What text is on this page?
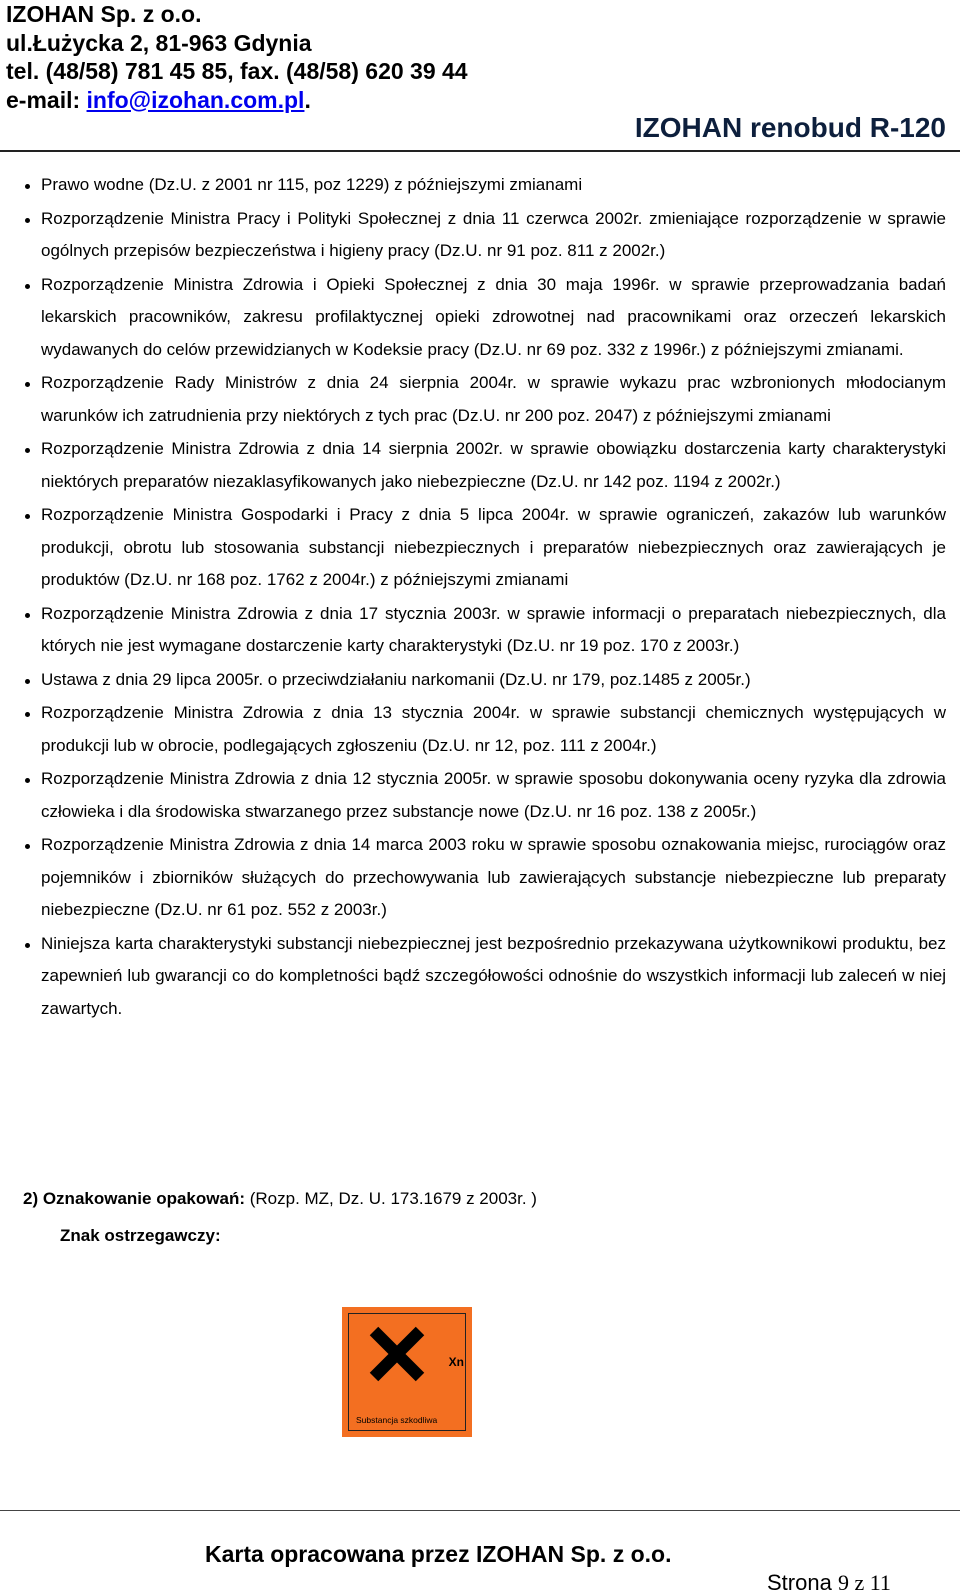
IZOHAN Sp. z o.o.
ul.Łużycka 2, 81-963 Gdynia
tel. (48/58) 781 45 85, fax. (48/58) 620 39 44
e-mail: info@izohan.com.pl.
IZOHAN renobud R-120
Prawo wodne (Dz.U. z 2001 nr 115, poz 1229) z późniejszymi zmianami
Rozporządzenie Ministra Pracy i Polityki Społecznej z dnia 11 czerwca 2002r. zmieniające rozporządzenie w sprawie ogólnych przepisów bezpieczeństwa i higieny pracy (Dz.U. nr 91 poz. 811 z 2002r.)
Rozporządzenie Ministra Zdrowia i Opieki Społecznej z dnia 30 maja 1996r. w sprawie przeprowadzania badań lekarskich pracowników, zakresu profilaktycznej opieki zdrowotnej nad pracownikami oraz orzeczeń lekarskich wydawanych do celów przewidzianych w Kodeksie pracy (Dz.U. nr 69 poz. 332 z 1996r.) z późniejszymi zmianami.
Rozporządzenie Rady Ministrów z dnia 24 sierpnia 2004r. w sprawie wykazu prac wzbronionych młodocianym warunków ich zatrudnienia przy niektórych z tych prac (Dz.U. nr 200 poz. 2047) z późniejszymi zmianami
Rozporządzenie Ministra Zdrowia z dnia 14 sierpnia 2002r. w sprawie obowiązku dostarczenia karty charakterystyki niektórych preparatów niezaklasyfikowanych jako niebezpieczne (Dz.U. nr 142 poz. 1194 z 2002r.)
Rozporządzenie Ministra Gospodarki i Pracy z dnia 5 lipca 2004r. w sprawie ograniczeń, zakazów lub warunków produkcji, obrotu lub stosowania substancji niebezpiecznych i preparatów niebezpiecznych oraz zawierających je produktów (Dz.U. nr 168 poz. 1762 z 2004r.) z późniejszymi zmianami
Rozporządzenie Ministra Zdrowia z dnia 17 stycznia 2003r. w sprawie informacji o preparatach niebezpiecznych, dla których nie jest wymagane dostarczenie karty charakterystyki (Dz.U. nr 19 poz. 170 z 2003r.)
Ustawa z dnia 29 lipca 2005r. o przeciwdziałaniu narkomanii (Dz.U. nr 179, poz.1485 z 2005r.)
Rozporządzenie Ministra Zdrowia z dnia 13 stycznia 2004r. w sprawie substancji chemicznych występujących w produkcji lub w obrocie, podlegających zgłoszeniu (Dz.U. nr 12, poz. 111 z 2004r.)
Rozporządzenie Ministra Zdrowia z dnia 12 stycznia 2005r. w sprawie sposobu dokonywania oceny ryzyka dla zdrowia człowieka i dla środowiska stwarzanego przez substancje nowe (Dz.U. nr 16 poz. 138 z 2005r.)
Rozporządzenie Ministra Zdrowia z dnia 14 marca 2003 roku w sprawie sposobu oznakowania miejsc, rurociągów oraz pojemników i zbiorników służących do przechowywania lub zawierających substancje niebezpieczne lub preparaty niebezpieczne (Dz.U. nr 61 poz. 552 z 2003r.)
Niniejsza karta charakterystyki substancji niebezpiecznej jest bezpośrednio przekazywana użytkownikowi produktu, bez zapewnień lub gwarancji co do kompletności bądź szczegółowości odnośnie do wszystkich informacji lub zaleceń w niej zawartych.
2) Oznakowanie opakowań: (Rozp. MZ, Dz. U. 173.1679 z 2003r. )
Znak ostrzegawczy:
Xn
Substancja szkodliwa
Karta opracowana przez IZOHAN Sp. z o.o.
Strona 9 z 11
